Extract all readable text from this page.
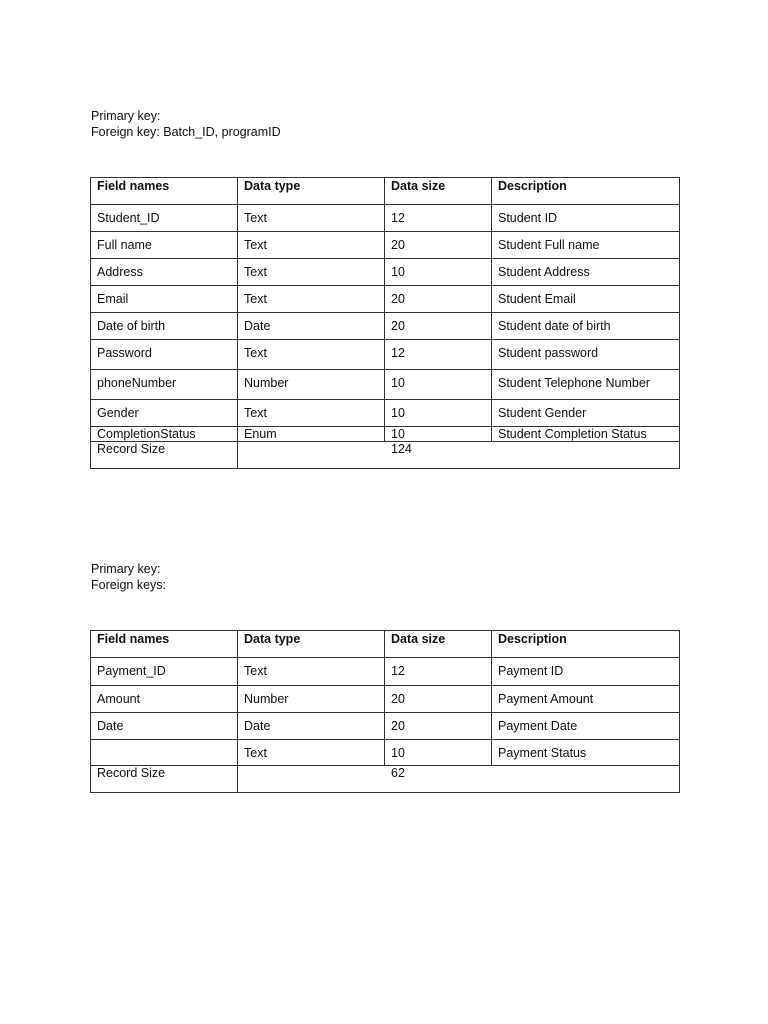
Primary key:
Foreign key: Batch_ID, programID
Field names	Data type	Data size	Description
Student_ID	Text	12	Student ID
Full name	Text	20	Student Full name
Address	Text	10	Student Address
Email	Text	20	Student Email
Date of birth	Date	20	Student date of birth
Password	Text	12	Student password
phoneNumber	Number	10	Student Telephone Number
Gender	Text	10	Student Gender
CompletionStatus	Enum	10	Student Completion Status
Record Size	124		
Primary key:
Foreign keys:
Field names	Data type	Data size	Description
Payment_ID	Text	12	Payment ID
Amount	Number	20	Payment Amount
Date	Date	20	Payment Date
	Text	10	Payment Status
Record Size	62		
